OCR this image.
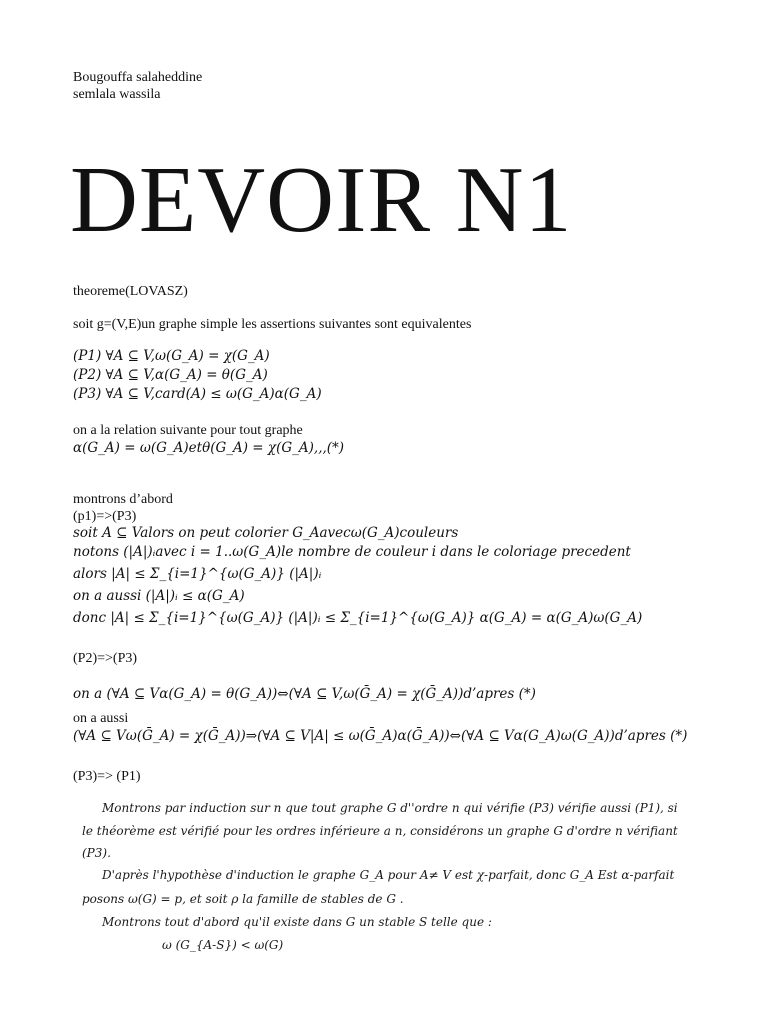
Bougouffa salaheddine
semlala wassila
DEVOIR N1
theoreme(LOVASZ)
soit g=(V,E)un graphe simple les assertions suivantes sont equivalentes
(P1) ∀A ⊆ V,ω(G_A) = χ(G_A)
(P2) ∀A ⊆ V,α(G_A) = θ(G_A)
(P3) ∀A ⊆ V,card(A) ≤ ω(G_A)α(G_A)
on a la relation suivante pour tout graphe
α(G_A) = ω(G_A)etθ(G_A) = χ(G_A),,,(*)
montrons d’abord
(p1)=>(P3)
soit A ⊆ Valors on peut colorier G_Aavecω(G_A)couleurs
notons (|A|)ᵢavec i = 1..ω(G_A)le nombre de couleur i dans le coloriage precedent
alors |A| ≤ Σ_{i=1}^{ω(G_A)} (|A|)ᵢ
on a aussi (|A|)ᵢ ≤ α(G_A)
donc |A| ≤ Σ_{i=1}^{ω(G_A)} (|A|)ᵢ ≤ Σ_{i=1}^{ω(G_A)} α(G_A) = α(G_A)ω(G_A)
(P2)=>(P3)
on a (∀A ⊆ Vα(G_A) = θ(G_A))⇔(∀A ⊆ V,ω(Ḡ_A) = χ(Ḡ_A))d’apres (*)
on a aussi
(∀A ⊆ Vω(Ḡ_A) = χ(Ḡ_A))⇒(∀A ⊆ V|A| ≤ ω(Ḡ_A)α(Ḡ_A))⇔(∀A ⊆ Vα(G_A)ω(G_A))d’apres (*)
(P3)=> (P1)
Montrons par induction sur n que tout graphe G d''ordre n qui vérifie (P3) vérifie aussi (P1), si
le théorème est vérifié pour les ordres inférieure a n, considérons un graphe G d'ordre n vérifiant
(P3).
D'après l'hypothèse d'induction le graphe G_A pour A≠ V est χ-parfait, donc G_A Est α-parfait
posons ω(G) = p, et soit ρ la famille de stables de G .
Montrons tout d'abord qu'il existe dans G un stable S telle que :
ω (G_{A-S}) < ω(G)
